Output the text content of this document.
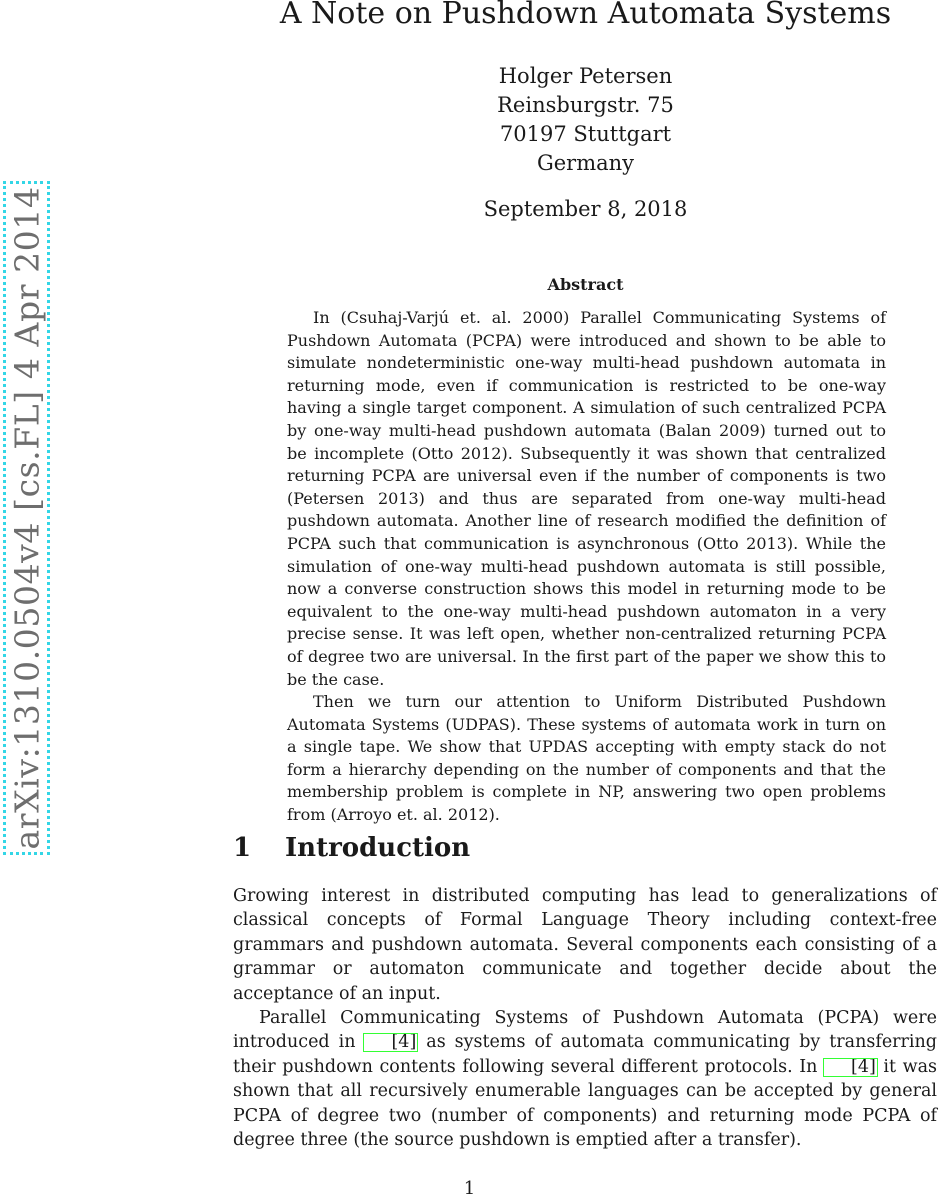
arXiv:1310.0504v4 [cs.FL] 4 Apr 2014
A Note on Pushdown Automata Systems
Holger Petersen
Reinsburgstr. 75
70197 Stuttgart
Germany
September 8, 2018
Abstract

In (Csuhaj-Varjú et. al. 2000) Parallel Communicating Systems of Pushdown Automata (PCPA) were introduced and shown to be able to simulate nondeterministic one-way multi-head pushdown automata in returning mode, even if communication is restricted to be one-way having a single target component. A simulation of such centralized PCPA by one-way multi-head pushdown automata (Balan 2009) turned out to be incomplete (Otto 2012). Subsequently it was shown that centralized returning PCPA are universal even if the number of components is two (Petersen 2013) and thus are separated from one-way multi-head pushdown automata. Another line of research modified the definition of PCPA such that communication is asynchronous (Otto 2013). While the simulation of one-way multi-head pushdown automata is still possible, now a converse construction shows this model in returning mode to be equivalent to the one-way multi-head pushdown automaton in a very precise sense. It was left open, whether non-centralized returning PCPA of degree two are universal. In the first part of the paper we show this to be the case.

Then we turn our attention to Uniform Distributed Pushdown Automata Systems (UDPAS). These systems of automata work in turn on a single tape. We show that UPDAS accepting with empty stack do not form a hierarchy depending on the number of components and that the membership problem is complete in NP, answering two open problems from (Arroyo et. al. 2012).

1 Introduction

Growing interest in distributed computing has lead to generalizations of classical concepts of Formal Language Theory including context-free grammars and pushdown automata. Several components each consisting of a grammar or automaton communicate and together decide about the acceptance of an input.

Parallel Communicating Systems of Pushdown Automata (PCPA) were introduced in [4] as systems of automata communicating by transferring their pushdown contents following several different protocols. In [4] it was shown that all recursively enumerable languages can be accepted by general PCPA of degree two (number of components) and returning mode PCPA of degree three (the source pushdown is emptied after a transfer).

1
